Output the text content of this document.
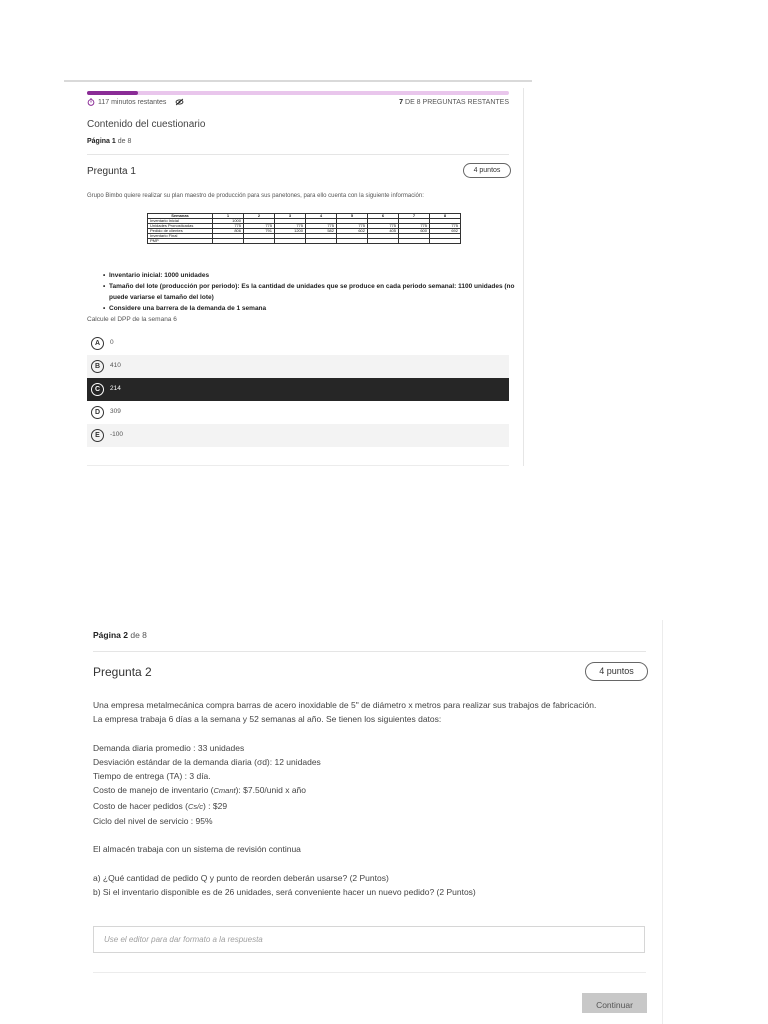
117 minutos restantes	7 DE 8 PREGUNTAS RESTANTES
Contenido del cuestionario
Página 1 de 8
Pregunta 1	4 puntos
Grupo Bimbo quiere realizar su plan maestro de producción para sus panetones, para ello cuenta con la siguiente información:
Semanas	1	2	3	4	5	6	7	8
Inventario Inicial	1000							
Unidades Pronosticadas	775	775	775	775	775	775	775	775
Pedido de clientes	806	791	1200	582	602	405	600	692
Inventario Final								
PMP								
• Inventario inicial: 1000 unidades
• Tamaño del lote (producción por periodo): Es la cantidad de unidades que se produce en cada periodo semanal: 1100 unidades (no puede variarse el tamaño del lote)
• Considere una barrera de la demanda de 1 semana
Calcule el DPP de la semana 6
A	0
B	410
C	214
D	309
E	-100
Página 2 de 8
Pregunta 2	4 puntos
Una empresa metalmecánica compra barras de acero inoxidable de 5" de diámetro x metros para realizar sus trabajos de fabricación.
La empresa trabaja 6 días a la semana y 52 semanas al año. Se tienen los siguientes datos:
Demanda diaria promedio : 33 unidades
Desviación estándar de la demanda diaria (σd): 12 unidades
Tiempo de entrega (TA) : 3 día.
Costo de manejo de inventario (Cmant): $7.50/unid x año
Costo de hacer pedidos (Cs/c) : $29
Ciclo del nivel de servicio : 95%
El almacén trabaja con un sistema de revisión continua
a) ¿Qué cantidad de pedido Q y punto de reorden deberán usarse? (2 Puntos)
b) Si el inventario disponible es de 26 unidades, será conveniente hacer un nuevo pedido? (2 Puntos)
Use el editor para dar formato a la respuesta
Continuar
